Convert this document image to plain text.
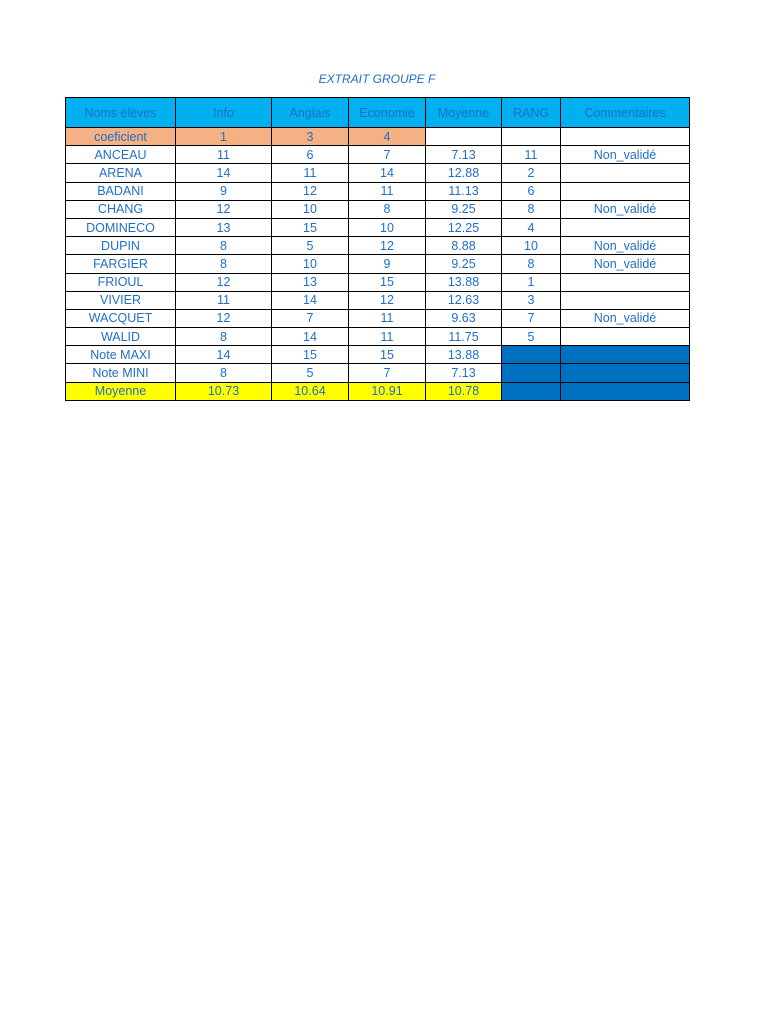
EXTRAIT GROUPE F
Noms élèves	Info	Anglais	Economie	Moyenne	RANG	Commentaires
coeficient	1	3	4			
ANCEAU	11	6	7	7.13	11	Non_validé
ARENA	14	11	14	12.88	2	
BADANI	9	12	11	11.13	6	
CHANG	12	10	8	9.25	8	Non_validé
DOMINECO	13	15	10	12.25	4	
DUPIN	8	5	12	8.88	10	Non_validé
FARGIER	8	10	9	9.25	8	Non_validé
FRIOUL	12	13	15	13.88	1	
VIVIER	11	14	12	12.63	3	
WACQUET	12	7	11	9.63	7	Non_validé
WALID	8	14	11	11.75	5	
Note MAXI	14	15	15	13.88		
Note MINI	8	5	7	7.13		
Moyenne	10.73	10.64	10.91	10.78		
